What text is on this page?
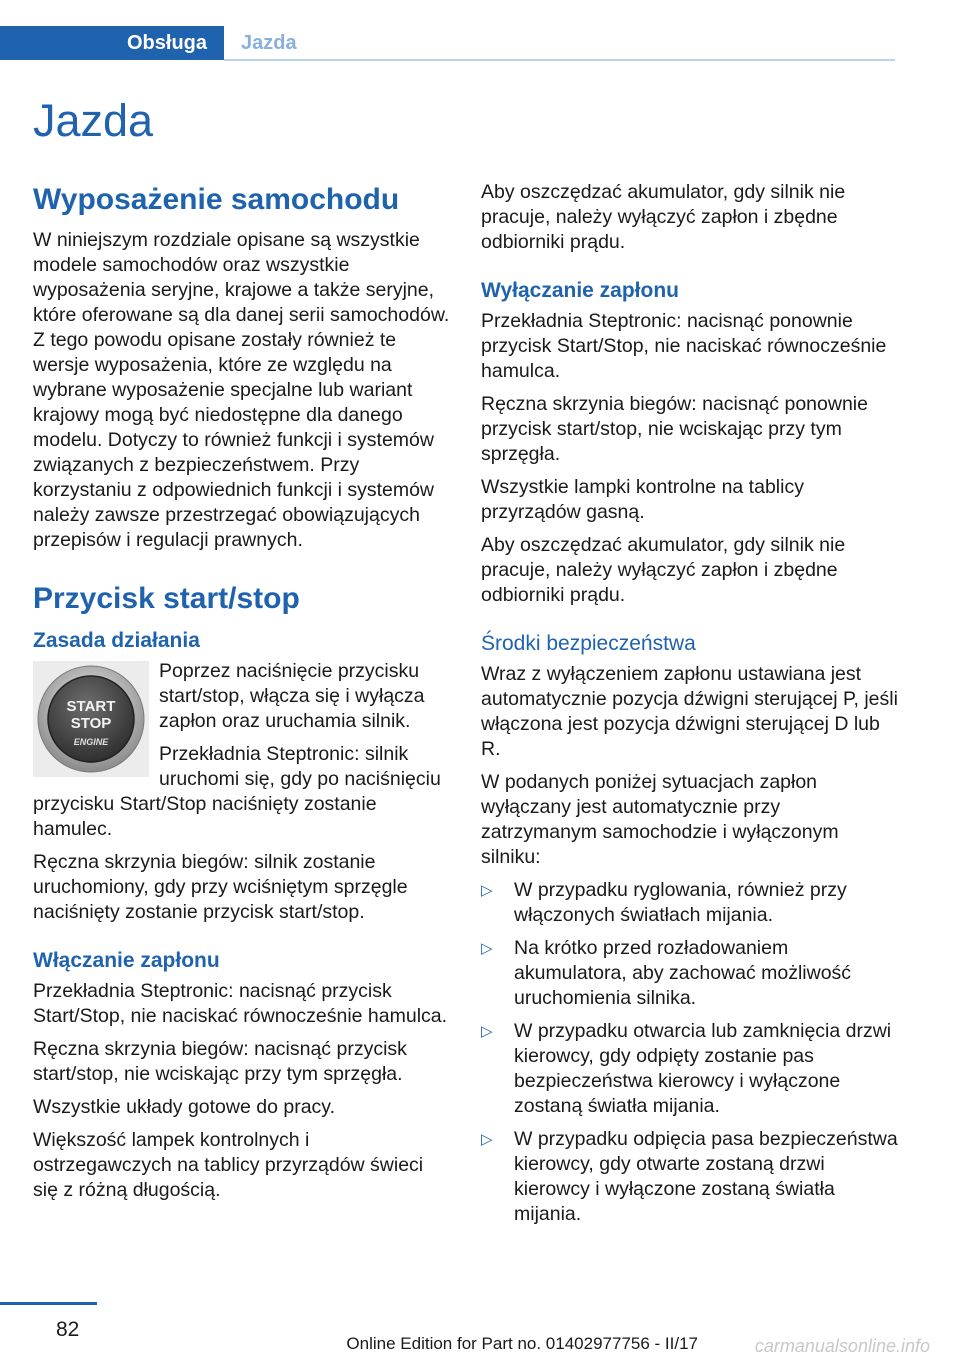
Obsługa Jazda
Jazda
Wyposażenie samochodu

W niniejszym rozdziale opisane są wszystkie modele samochodów oraz wszystkie wyposażenia seryjne, krajowe a także seryjne, które oferowane są dla danej serii samochodów. Z tego powodu opisane zostały również te wersje wyposażenia, które ze względu na wybrane wyposażenie specjalne lub wariant krajowy mogą być niedostępne dla danego modelu. Dotyczy to również funkcji i systemów związanych z bezpieczeństwem. Przy korzystaniu z odpowiednich funkcji i systemów należy zawsze przestrzegać obowiązujących przepisów i regulacji prawnych.

Przycisk start/stop
Zasada działania
START
STOP
ENGINE

Poprzez naciśnięcie przycisku start/stop, włącza się i wyłącza zapłon oraz uruchamia silnik.

Przekładnia Steptronic: silnik uruchomi się, gdy po naciśnięciu przycisku Start/Stop naciśnięty zostanie hamulec.

Ręczna skrzynia biegów: silnik zostanie uruchomiony, gdy przy wciśniętym sprzęgle naciśnięty zostanie przycisk start/stop.

Włączanie zapłonu

Przekładnia Steptronic: nacisnąć przycisk Start/Stop, nie naciskać równocześnie hamulca.

Ręczna skrzynia biegów: nacisnąć przycisk start/stop, nie wciskając przy tym sprzęgła.

Wszystkie układy gotowe do pracy.

Większość lampek kontrolnych i ostrzegawczych na tablicy przyrządów świeci się z różną długością.

Aby oszczędzać akumulator, gdy silnik nie pracuje, należy wyłączyć zapłon i zbędne odbiorniki prądu.

Wyłączanie zapłonu

Przekładnia Steptronic: nacisnąć ponownie przycisk Start/Stop, nie naciskać równocześnie hamulca.

Ręczna skrzynia biegów: nacisnąć ponownie przycisk start/stop, nie wciskając przy tym sprzęgła.

Wszystkie lampki kontrolne na tablicy przyrządów gasną.

Aby oszczędzać akumulator, gdy silnik nie pracuje, należy wyłączyć zapłon i zbędne odbiorniki prądu.

Środki bezpieczeństwa

Wraz z wyłączeniem zapłonu ustawiana jest automatycznie pozycja dźwigni sterującej P, jeśli włączona jest pozycja dźwigni sterującej D lub R.

W podanych poniżej sytuacjach zapłon wyłączany jest automatycznie przy zatrzymanym samochodzie i wyłączonym silniku:

▷ W przypadku ryglowania, również przy włączonych światłach mijania.
▷ Na krótko przed rozładowaniem akumulatora, aby zachować możliwość uruchomienia silnika.
▷ W przypadku otwarcia lub zamknięcia drzwi kierowcy, gdy odpięty zostanie pas bezpieczeństwa kierowcy i wyłączone zostaną światła mijania.
▷ W przypadku odpięcia pasa bezpieczeństwa kierowcy, gdy otwarte zostaną drzwi kierowcy i wyłączone zostaną światła mijania.
82
Online Edition for Part no. 01402977756 - II/17	carmanualsonline.info
